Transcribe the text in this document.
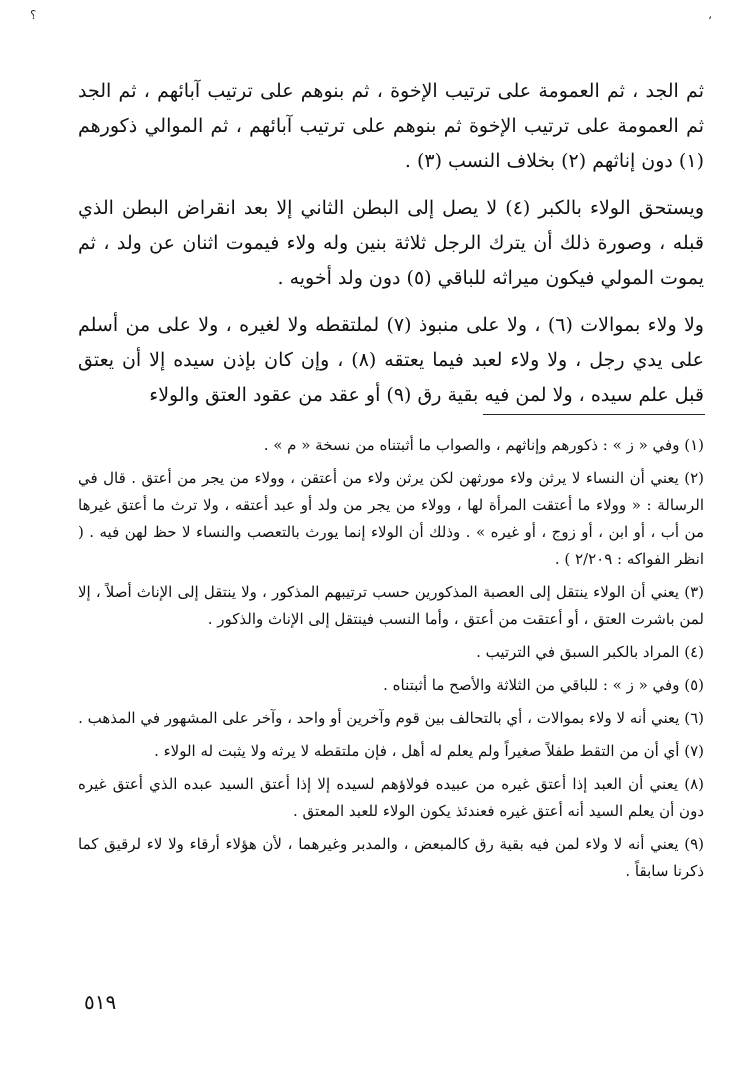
؟	،

ثم الجد ، ثم العمومة على ترتيب الإخوة ، ثم بنوهم على ترتيب آبائهم ، ثم الجد ثم العمومة على ترتيب الإخوة ثم بنوهم على ترتيب آبائهم ، ثم الموالي ذكورهم (١) دون إناثهم (٢) بخلاف النسب (٣) .

ويستحق الولاء بالكبر (٤) لا يصل إلى البطن الثاني إلا بعد انقراض البطن الذي قبله ، وصورة ذلك أن يترك الرجل ثلاثة بنين وله ولاء فيموت اثنان عن ولد ، ثم يموت المولي فيكون ميراثه للباقي (٥) دون ولد أخويه .

ولا ولاء بموالات (٦) ، ولا على منبوذ (٧) لملتقطه ولا لغيره ، ولا على من أسلم على يدي رجل ، ولا ولاء لعبد فيما يعتقه (٨) ، وإن كان بإذن سيده إلا أن يعتق قبل علم سيده ، ولا لمن فيه بقية رق (٩) أو عقد من عقود العتق والولاء

(١) وفي « ز » : ذكورهم وإناثهم ، والصواب ما أثبتناه من نسخة « م » .

(٢) يعني أن النساء لا يرثن ولاء مورثهن لكن يرثن ولاء من أعتقن ، وولاء من يجر من أعتق . قال في الرسالة : « وولاء ما أعتقت المرأة لها ، وولاء من يجر من ولد أو عبد أعتقه ، ولا ترث ما أعتق غيرها من أب ، أو ابن ، أو زوج ، أو غيره » . وذلك أن الولاء إنما يورث بالتعصب والنساء لا حظ لهن فيه . ( انظر الفواكه : ٢/٢٠٩ ) .

(٣) يعني أن الولاء ينتقل إلى العصبة المذكورين حسب ترتيبهم المذكور ، ولا ينتقل إلى الإناث أصلاً ، إلا لمن باشرت العتق ، أو أعتقت من أعتق ، وأما النسب فينتقل إلى الإناث والذكور .

(٤) المراد بالكبر السبق في الترتيب .

(٥) وفي « ز » : للباقي من الثلاثة والأصح ما أثبتناه .

(٦) يعني أنه لا ولاء بموالات ، أي بالتحالف بين قوم وآخرين أو واحد ، وآخر على المشهور في المذهب .

(٧) أي أن من التقط طفلاً صغيراً ولم يعلم له أهل ، فإن ملتقطه لا يرثه ولا يثبت له الولاء .

(٨) يعني أن العبد إذا أعتق غيره من عبيده فولاؤهم لسيده إلا إذا أعتق السيد عبده الذي أعتق غيره دون أن يعلم السيد أنه أعتق غيره فعندئذ يكون الولاء للعبد المعتق .

(٩) يعني أنه لا ولاء لمن فيه بقية رق كالمبعض ، والمدبر وغيرهما ، لأن هؤلاء أرقاء ولا لاء لرقيق كما ذكرنا سابقاً .

٥١٩
